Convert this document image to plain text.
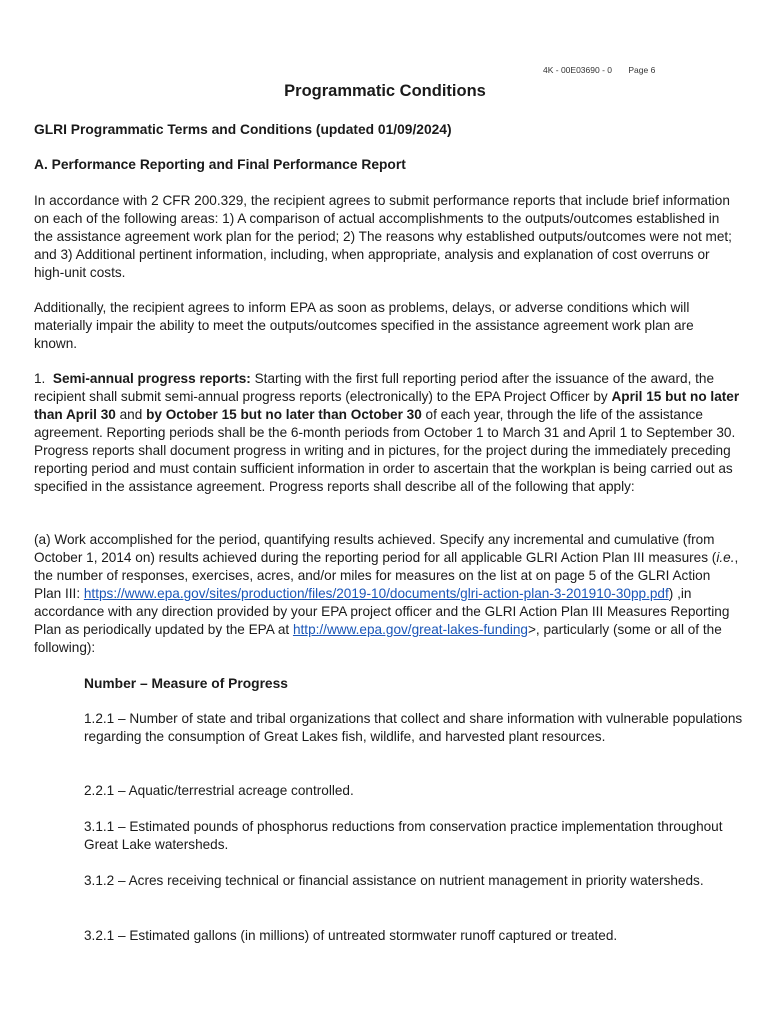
4K - 00E03690 - 0 Page 6
Programmatic Conditions
GLRI Programmatic Terms and Conditions (updated 01/09/2024)
A. Performance Reporting and Final Performance Report
In accordance with 2 CFR 200.329, the recipient agrees to submit performance reports that include brief information on each of the following areas: 1) A comparison of actual accomplishments to the outputs/outcomes established in the assistance agreement work plan for the period; 2) The reasons why established outputs/outcomes were not met; and 3) Additional pertinent information, including, when appropriate, analysis and explanation of cost overruns or high-unit costs.
Additionally, the recipient agrees to inform EPA as soon as problems, delays, or adverse conditions which will materially impair the ability to meet the outputs/outcomes specified in the assistance agreement work plan are known.
1. Semi-annual progress reports: Starting with the first full reporting period after the issuance of the award, the recipient shall submit semi-annual progress reports (electronically) to the EPA Project Officer by April 15 but no later than April 30 and by October 15 but no later than October 30 of each year, through the life of the assistance agreement. Reporting periods shall be the 6-month periods from October 1 to March 31 and April 1 to September 30. Progress reports shall document progress in writing and in pictures, for the project during the immediately preceding reporting period and must contain sufficient information in order to ascertain that the workplan is being carried out as specified in the assistance agreement. Progress reports shall describe all of the following that apply:
(a) Work accomplished for the period, quantifying results achieved. Specify any incremental and cumulative (from October 1, 2014 on) results achieved during the reporting period for all applicable GLRI Action Plan III measures (i.e., the number of responses, exercises, acres, and/or miles for measures on the list at on page 5 of the GLRI Action Plan III: https://www.epa.gov/sites/production/files/2019-10/documents/glri-action-plan-3-201910-30pp.pdf) ,in accordance with any direction provided by your EPA project officer and the GLRI Action Plan III Measures Reporting Plan as periodically updated by the EPA at http://www.epa.gov/great-lakes-funding>, particularly (some or all of the following):
Number – Measure of Progress
1.2.1 – Number of state and tribal organizations that collect and share information with vulnerable populations regarding the consumption of Great Lakes fish, wildlife, and harvested plant resources.
2.2.1 – Aquatic/terrestrial acreage controlled.
3.1.1 – Estimated pounds of phosphorus reductions from conservation practice implementation throughout Great Lake watersheds.
3.1.2 – Acres receiving technical or financial assistance on nutrient management in priority watersheds.
3.2.1 – Estimated gallons (in millions) of untreated stormwater runoff captured or treated.
